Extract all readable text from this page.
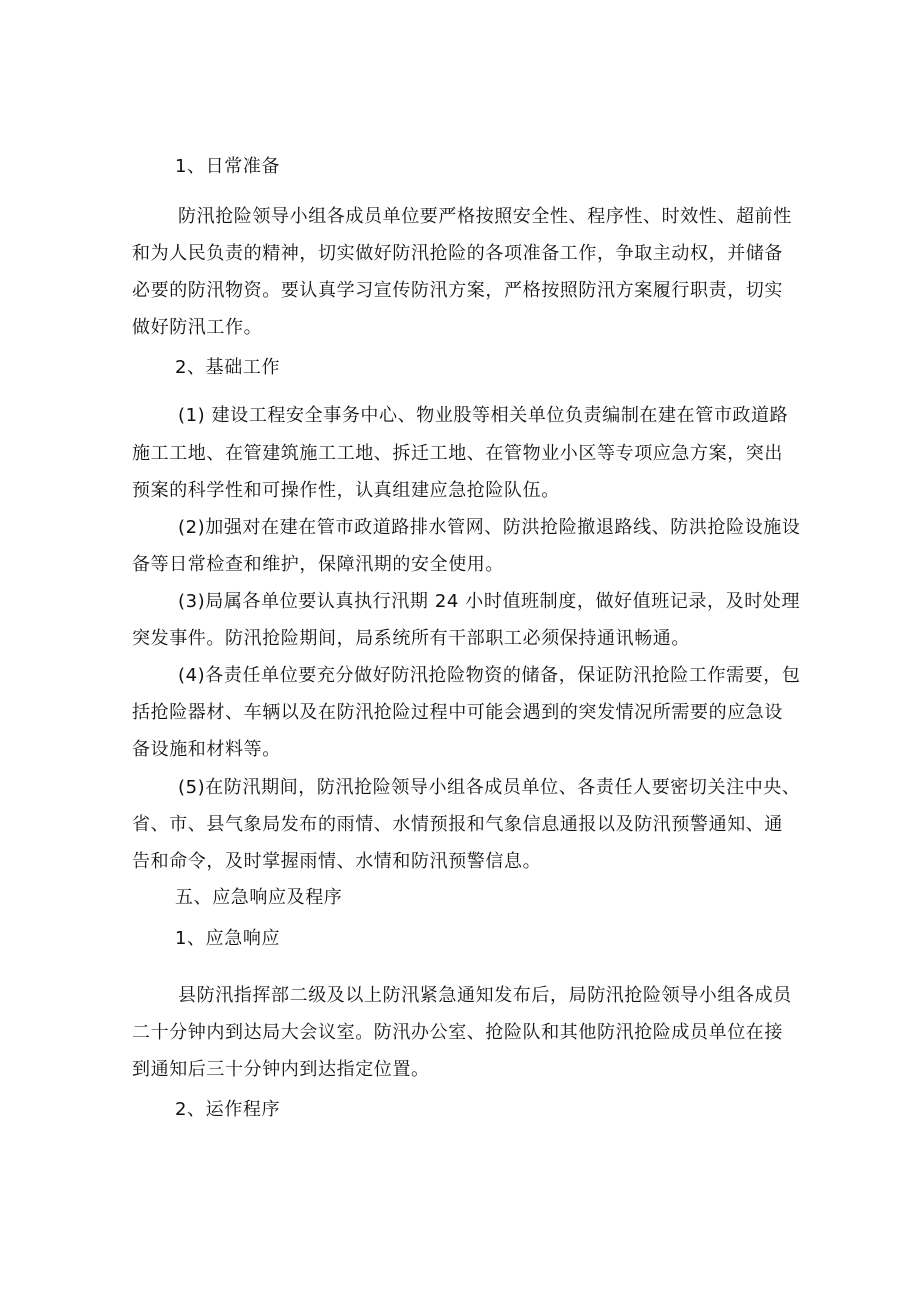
1、日常准备
防汛抢险领导小组各成员单位要严格按照安全性、程序性、时效性、超前性
和为人民负责的精神，切实做好防汛抢险的各项准备工作，争取主动权，并储备
必要的防汛物资。要认真学习宣传防汛方案，严格按照防汛方案履行职责，切实
做好防汛工作。
2、基础工作
(1) 建设工程安全事务中心、物业股等相关单位负责编制在建在管市政道路
施工工地、在管建筑施工工地、拆迁工地、在管物业小区等专项应急方案，突出
预案的科学性和可操作性，认真组建应急抢险队伍。
(2)加强对在建在管市政道路排水管网、防洪抢险撤退路线、防洪抢险设施设
备等日常检查和维护，保障汛期的安全使用。
(3)局属各单位要认真执行汛期 24 小时值班制度，做好值班记录，及时处理
突发事件。防汛抢险期间，局系统所有干部职工必须保持通讯畅通。
(4)各责任单位要充分做好防汛抢险物资的储备，保证防汛抢险工作需要，包
括抢险器材、车辆以及在防汛抢险过程中可能会遇到的突发情况所需要的应急设
备设施和材料等。
(5)在防汛期间，防汛抢险领导小组各成员单位、各责任人要密切关注中央、
省、市、县气象局发布的雨情、水情预报和气象信息通报以及防汛预警通知、通
告和命令，及时掌握雨情、水情和防汛预警信息。
五、应急响应及程序
1、应急响应
县防汛指挥部二级及以上防汛紧急通知发布后，局防汛抢险领导小组各成员
二十分钟内到达局大会议室。防汛办公室、抢险队和其他防汛抢险成员单位在接
到通知后三十分钟内到达指定位置。
2、运作程序
